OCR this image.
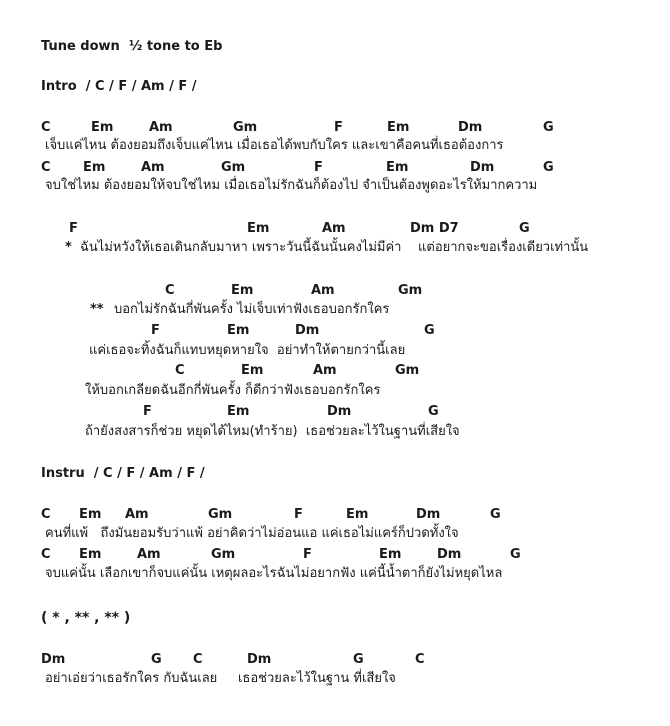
Tune down  ½ tone to Eb
Intro  / C / F / Am / F /
C	Em	Am	Gm	F	Em	Dm	G
เจ็บแค่ไหน ต้องยอมถึงเจ็บแค่ไหน เมื่อเธอได้พบกับใคร และเขาคือคนที่เธอต้องการ
C Em	Am	Gm	F	Em	Dm	G
จบใช่ไหม ต้องยอมให้จบใช่ไหม เมื่อเธอไม่รักฉันก็ต้องไป จำเป็นต้องพูดอะไรให้มากความ
F	Em	Am	Dm D7	G
* ฉันไม่หวังให้เธอเดินกลับมาหา เพราะวันนี้ฉันนั้นคงไม่มีค่า    แต่อยากจะขอเรื่องเดียวเท่านั้น
C	Em	Am	Gm
** บอกไม่รักฉันกี่พันครั้ง ไม่เจ็บเท่าฟังเธอบอกรักใคร
F	Em	Dm	G
แค่เธอจะทิ้งฉันก็แทบหยุดหายใจ  อย่าทำให้ตายกว่านี้เลย
C	Em	Am	Gm
ให้บอกเกลียดฉันอีกกี่พันครั้ง ก็ดีกว่าฟังเธอบอกรักใคร
F	Em	Dm	G
ถ้ายังสงสารก็ช่วย หยุดได้ไหม(ทำร้าย)  เธอช่วยละไว้ในฐานที่เสียใจ
Instru  / C / F / Am / F /
C Em Am	Gm	F	Em	Dm	G
คนที่แพ้   ถึงมันยอมรับว่าแพ้ อย่าคิดว่าไม่อ่อนแอ แค่เธอไม่แคร์ก็ปวดทั้งใจ
C Em	Am	Gm	F	Em	Dm	G
จบแค่นั้น เลือกเขาก็จบแค่นั้น เหตุผลอะไรฉันไม่อยากฟัง แค่นี้น้ำตาก็ยังไม่หยุดไหล
( * , ** , ** )
Dm	G C	Dm	G	C
อย่าเอ่ยว่าเธอรักใคร กับฉันเลย     เธอช่วยละไว้ในฐาน ที่เสียใจ
